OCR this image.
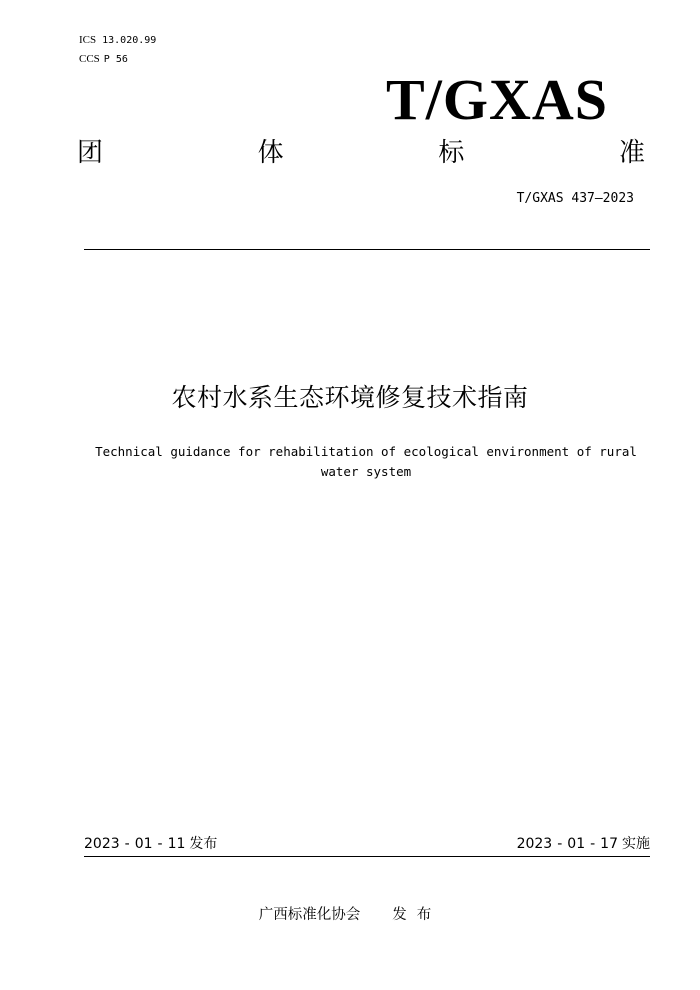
ICS 13.020.99
CCS P 56
T/GXAS
团	体	标	准
T/GXAS 437—2023
农村水系生态环境修复技术指南
Technical guidance for rehabilitation of ecological environment of rural water system
2023 - 01 - 11 发布	2023 - 01 - 17 实施
广西标准化协会 发布
